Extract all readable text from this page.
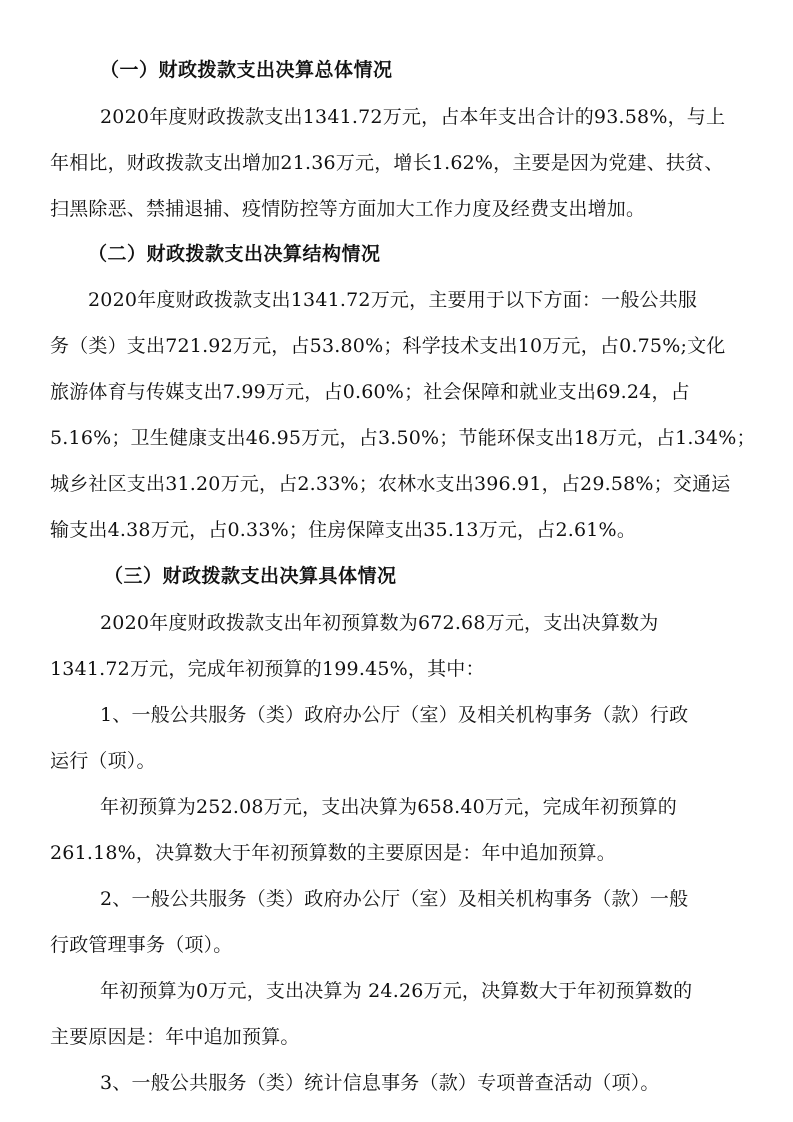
（一）财政拨款支出决算总体情况
2020年度财政拨款支出1341.72万元，占本年支出合计的93.58%，与上
年相比，财政拨款支出增加21.36万元，增长1.62%，主要是因为党建、扶贫、
扫黑除恶、禁捕退捕、疫情防控等方面加大工作力度及经费支出增加。
（二）财政拨款支出决算结构情况
2020年度财政拨款支出1341.72万元，主要用于以下方面：一般公共服
务（类）支出721.92万元，占53.80%；科学技术支出10万元，占0.75%;文化
旅游体育与传媒支出7.99万元，占0.60%；社会保障和就业支出69.24，占
5.16%；卫生健康支出46.95万元，占3.50%；节能环保支出18万元，占1.34%；
城乡社区支出31.20万元，占2.33%；农林水支出396.91，占29.58%；交通运
输支出4.38万元，占0.33%；住房保障支出35.13万元，占2.61%。
（三）财政拨款支出决算具体情况
2020年度财政拨款支出年初预算数为672.68万元，支出决算数为
1341.72万元，完成年初预算的199.45%，其中：
1、一般公共服务（类）政府办公厅（室）及相关机构事务（款）行政
运行（项）。
年初预算为252.08万元，支出决算为658.40万元，完成年初预算的
261.18%，决算数大于年初预算数的主要原因是：年中追加预算。
2、一般公共服务（类）政府办公厅（室）及相关机构事务（款）一般
行政管理事务（项）。
年初预算为0万元，支出决算为 24.26万元，决算数大于年初预算数的
主要原因是：年中追加预算。
3、一般公共服务（类）统计信息事务（款）专项普查活动（项）。
